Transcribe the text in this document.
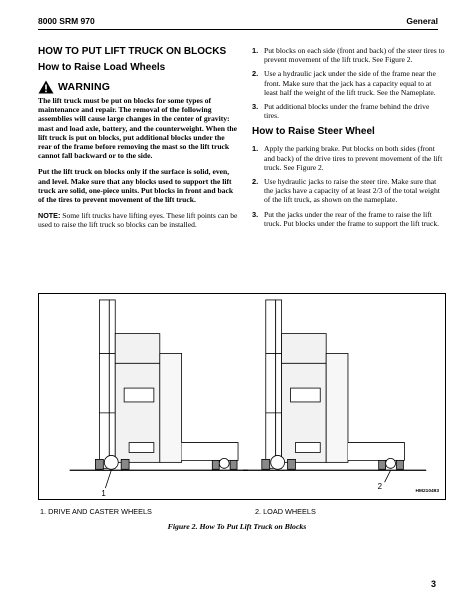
8000 SRM 970	General
HOW TO PUT LIFT TRUCK ON BLOCKS
How to Raise Load Wheels
WARNING

The lift truck must be put on blocks for some types of maintenance and repair. The removal of the following assemblies will cause large changes in the center of gravity: mast and load axle, battery, and the counterweight. When the lift truck is put on blocks, put additional blocks under the rear of the frame before removing the mast so the lift truck cannot fall backward or to the side.

Put the lift truck on blocks only if the surface is solid, even, and level. Make sure that any blocks used to support the lift truck are solid, one-piece units. Put blocks in front and back of the tires to prevent movement of the lift truck.

NOTE: Some lift trucks have lifting eyes. These lift points can be used to raise the lift truck so blocks can be installed.

1. Put blocks on each side (front and back) of the steer tires to prevent movement of the lift truck. See Figure 2.
2. Use a hydraulic jack under the side of the frame near the front. Make sure that the jack has a capacity equal to at least half the weight of the lift truck. See the Nameplate.
3. Put additional blocks under the frame behind the drive tires.
How to Raise Steer Wheel
1. Apply the parking brake. Put blocks on both sides (front and back) of the drive tires to prevent movement of the lift truck. See Figure 2.
2. Use hydraulic jacks to raise the steer tire. Make sure that the jacks have a capacity of at least 2/3 of the total weight of the lift truck, as shown on the nameplate.
3. Put the jacks under the rear of the frame to raise the lift truck. Put blocks under the frame to support the lift truck.
1
2
HM210493
1. DRIVE AND CASTER WHEELS	2. LOAD WHEELS
Figure 2. How To Put Lift Truck on Blocks
3
